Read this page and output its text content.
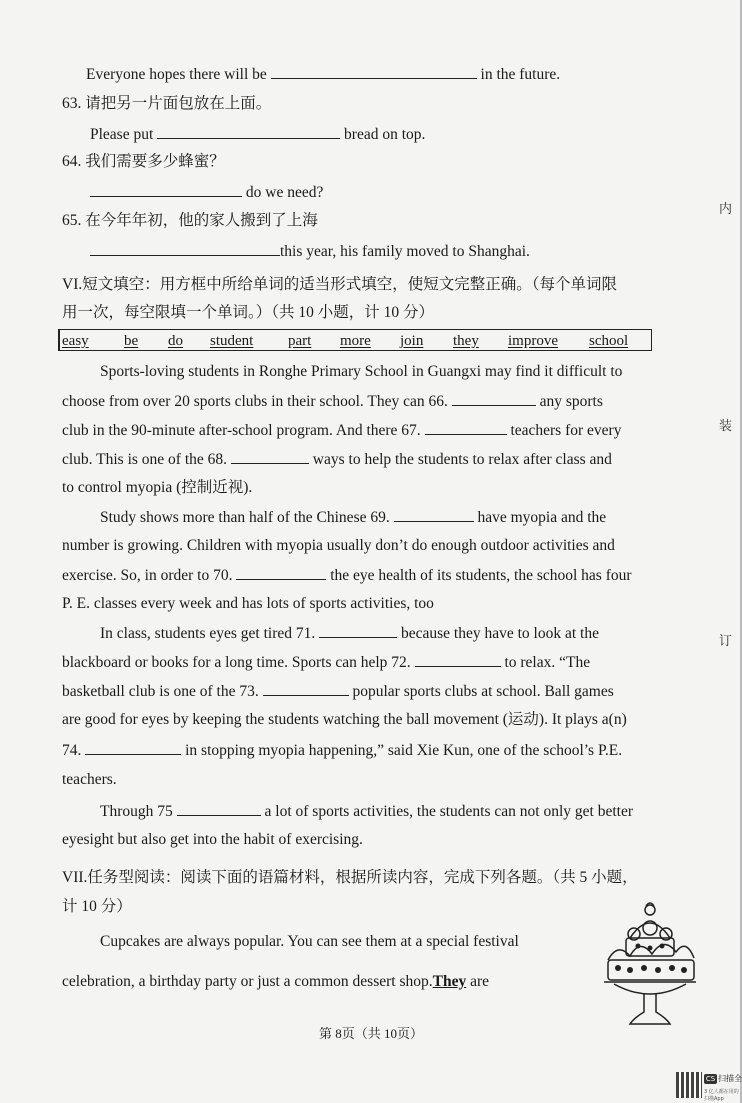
Everyone hopes there will be	in the future.
63. 请把另一片面包放在上面。
Please put	bread on top.
64. 我们需要多少蜂蜜？
do we need?
65. 在今年年初，他的家人搬到了上海
this year, his family moved to Shanghai.
VI.短文填空：用方框中所给单词的适当形式填空，使短文完整正确。（每个单词限
用一次，每空限填一个单词。）（共 10 小题，计 10 分）
easy be do student part more join they improve school
Sports-loving students in Ronghe Primary School in Guangxi may find it difficult to
choose from over 20 sports clubs in their school. They can 66.	any sports
club in the 90-minute after-school program. And there 67.	teachers for every
club. This is one of the 68.	ways to help the students to relax after class and
to control myopia (控制近视).
Study shows more than half of the Chinese 69.	have myopia and the
number is growing. Children with myopia usually don’t do enough outdoor activities and
exercise. So, in order to 70.	the eye health of its students, the school has four
P. E. classes every week and has lots of sports activities, too
In class, students eyes get tired 71.	because they have to look at the
blackboard or books for a long time. Sports can help 72.	to relax. “The
basketball club is one of the 73.	popular sports clubs at school. Ball games
are good for eyes by keeping the students watching the ball movement (运动). It plays a(n)
74.	in stopping myopia happening,” said Xie Kun, one of the school’s P.E.
teachers.
Through 75	a lot of sports activities, the students can not only get better
eyesight but also get into the habit of exercising.
VII.任务型阅读：阅读下面的语篇材料，根据所读内容，完成下列各题。（共 5 小题，
计 10 分）
Cupcakes are always popular. You can see them at a special festival
celebration, a birthday party or just a common dessert shop.They are
内
装
订
第 8页（共 10页）
CS 扫描全
3 亿人都在用的扫描App
